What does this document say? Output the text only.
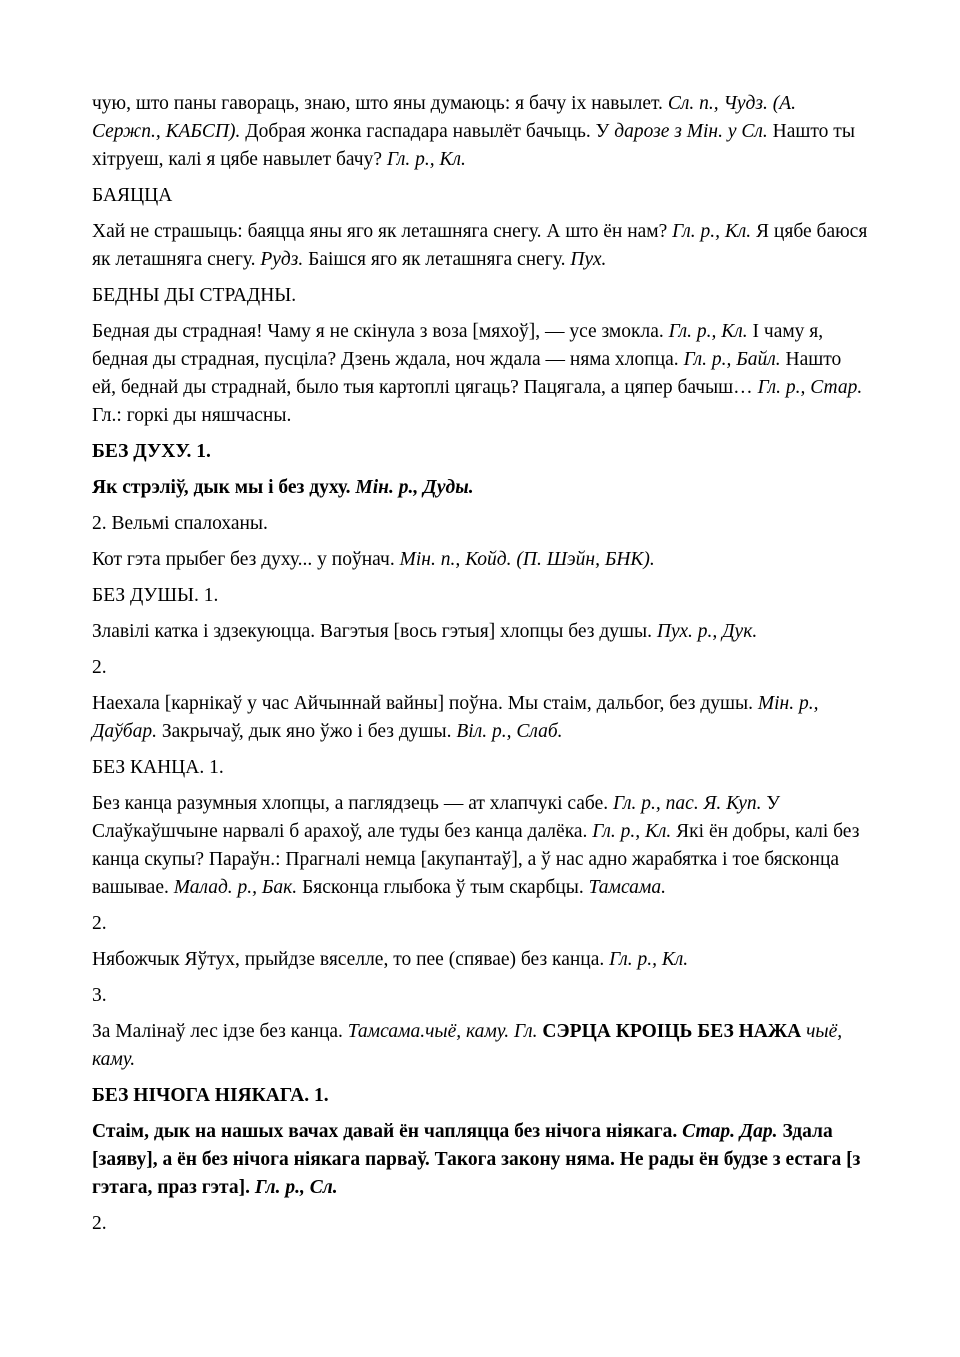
чую, што паны гавораць, знаю, што яны думаюць: я бачу іх навылет. Сл. п., Чудз. (А. Сержп., КАБСП). Добрая жонка гаспадара навылёт бачыць. У дарозе з Мін. у Сл. Нашто ты хітруеш, калі я цябе навылет бачу? Гл. р., Кл.

БАЯЦЦА

Хай не страшыць: баяцца яны яго як леташняга снегу. А што ён нам? Гл. р., Кл. Я цябе баюся як леташняга снегу. Рудз. Баішся яго як леташняга снегу. Пух.

БЕДНЫ ДЫ СТРАДНЫ.

Бедная ды страдная! Чаму я не скінула з воза [мяхоў], — усе змокла. Гл. р., Кл. І чаму я, бедная ды страдная, пусціла? Дзень ждала, ноч ждала — няма хлопца. Гл. р., Байл. Нашто ей, беднай ды страднай, было тыя картоплі цягаць? Пацягала, а цяпер бачыш… Гл. р., Стар. Гл.: горкі ды няшчасны.

БЕЗ ДУХУ. 1.

Як стрэліў, дык мы і без духу. Мін. р., Дуды.

2. Вельмі спалоханы.

Кот гэта прыбег без духу... у поўнач. Мін. п., Койд. (П. Шэйн, БНК).

БЕЗ ДУШЫ. 1.

Злавілі катка і здзекуюцца. Вагэтыя [вось гэтыя] хлопцы без душы. Пух. р., Дук.

2.

Наехала [карнікаў у час Айчыннай вайны] поўна. Мы стаім, дальбог, без душы. Мін. р., Даўбар. Закрычаў, дык яно ўжо і без душы. Віл. р., Слаб.

БЕЗ КАНЦА. 1.

Без канца разумныя хлопцы, а паглядзець — ат хлапчукі сабе. Гл. р., пас. Я. Куп. У Слаўкаўшчыне нарвалі б арахоў, але туды без канца далёка. Гл. р., Кл. Які ён добры, калі без канца скупы? Параўн.: Прагналі немца [акупантаў], а ў нас адно жарабятка і тое бясконца вашывае. Малад. р., Бак. Бясконца глыбока ў тым скарбцы. Тамсама.

2.

Нябожчык Яўтух, прыйдзе вяселле, то пее (спявае) без канца. Гл. р., Кл.

3.

За Малінаў лес ідзе без канца. Тамсама.чыё, каму. Гл. СЭРЦА КРОІЦЬ БЕЗ НАЖА чыё, каму.

БЕЗ НІЧОГА НІЯКАГА. 1.

Стаім, дык на нашых вачах давай ён чапляцца без нічога ніякага. Стар. Дар. Здала [заяву], а ён без нічога ніякага парваў. Такога закону няма. Не рады ён будзе з естага [з гэтага, праз гэта]. Гл. р., Сл.

2.
